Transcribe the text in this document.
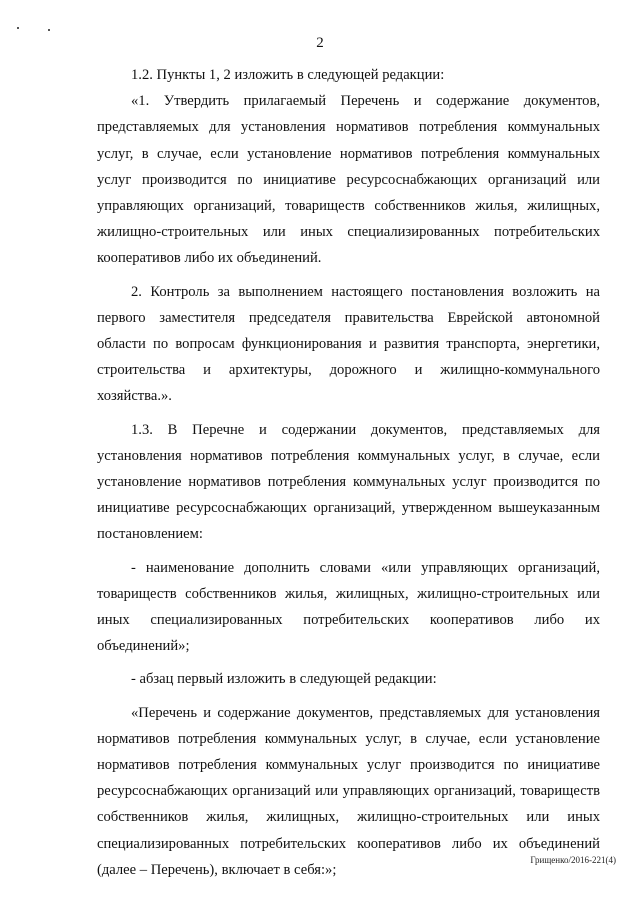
2

1.2. Пункты 1, 2 изложить в следующей редакции:

«1. Утвердить прилагаемый Перечень и содержание документов, представляемых для установления нормативов потребления коммунальных услуг, в случае, если установление нормативов потребления коммунальных услуг производится по инициативе ресурсоснабжающих организаций или управляющих организаций, товариществ собственников жилья, жилищных, жилищно-строительных или иных специализированных потребительских кооперативов либо их объединений.

2. Контроль за выполнением настоящего постановления возложить на первого заместителя председателя правительства Еврейской автономной области по вопросам функционирования и развития транспорта, энергетики, строительства и архитектуры, дорожного и жилищно-коммунального хозяйства.».

1.3. В Перечне и содержании документов, представляемых для установления нормативов потребления коммунальных услуг, в случае, если установление нормативов потребления коммунальных услуг производится по инициативе ресурсоснабжающих организаций, утвержденном вышеуказанным постановлением:

- наименование дополнить словами «или управляющих организаций, товариществ собственников жилья, жилищных, жилищно-строительных или иных специализированных потребительских кооперативов либо их объединений»;

- абзац первый изложить в следующей редакции:

«Перечень и содержание документов, представляемых для установления нормативов потребления коммунальных услуг, в случае, если установление нормативов потребления коммунальных услуг производится по инициативе ресурсоснабжающих организаций или управляющих организаций, товариществ собственников жилья, жилищных, жилищно-строительных или иных специализированных потребительских кооперативов либо их объединений (далее – Перечень), включает в себя:»;

Грищенко/2016-221(4)
